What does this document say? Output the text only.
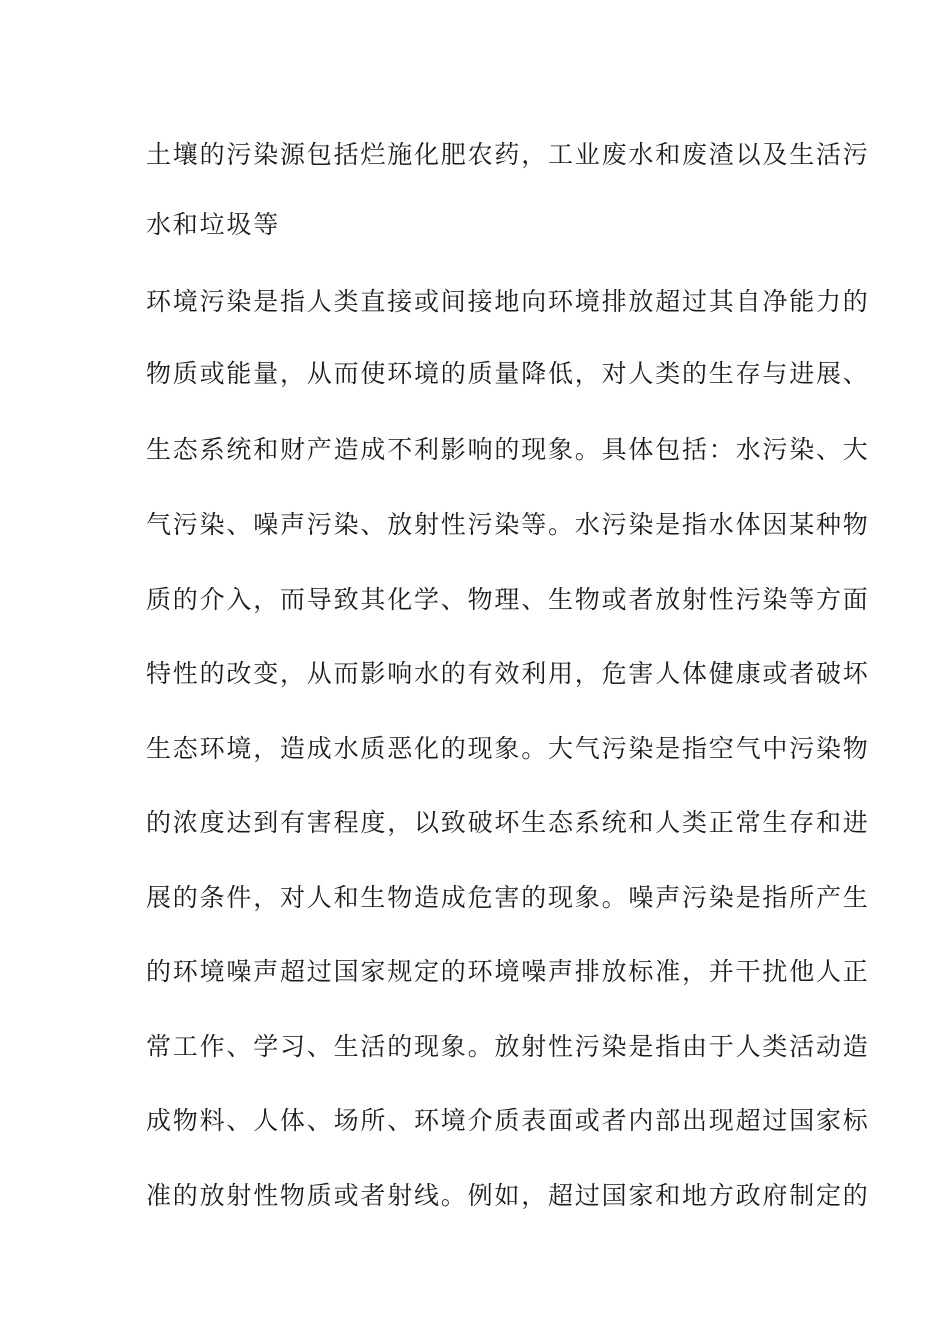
土壤的污染源包括烂施化肥农药，工业废水和废渣以及生活污
水和垃圾等
环境污染是指人类直接或间接地向环境排放超过其自净能力的
物质或能量，从而使环境的质量降低，对人类的生存与进展、
生态系统和财产造成不利影响的现象。具体包括：水污染、大
气污染、噪声污染、放射性污染等。水污染是指水体因某种物
质的介入，而导致其化学、物理、生物或者放射性污染等方面
特性的改变，从而影响水的有效利用，危害人体健康或者破坏
生态环境，造成水质恶化的现象。大气污染是指空气中污染物
的浓度达到有害程度，以致破坏生态系统和人类正常生存和进
展的条件，对人和生物造成危害的现象。噪声污染是指所产生
的环境噪声超过国家规定的环境噪声排放标准，并干扰他人正
常工作、学习、生活的现象。放射性污染是指由于人类活动造
成物料、人体、场所、环境介质表面或者内部出现超过国家标
准的放射性物质或者射线。例如，超过国家和地方政府制定的
